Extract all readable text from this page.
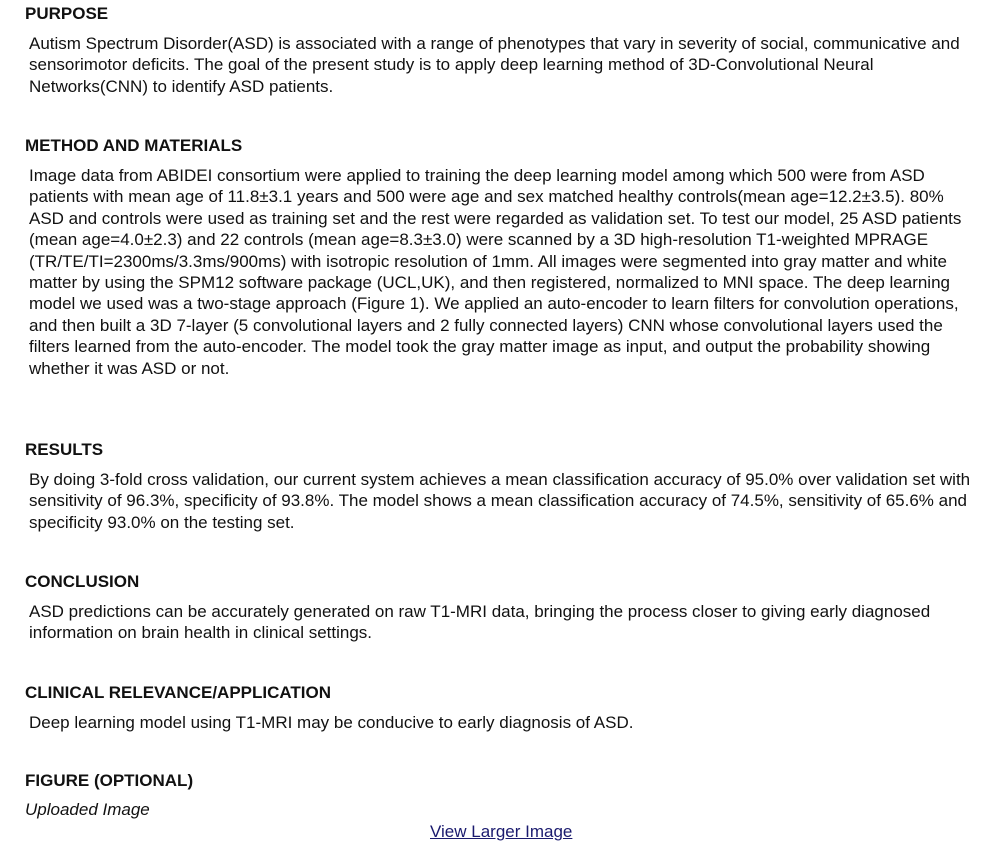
PURPOSE

Autism Spectrum Disorder(ASD) is associated with a range of phenotypes that vary in severity of social, communicative and sensorimotor deficits. The goal of the present study is to apply deep learning method of 3D-Convolutional Neural Networks(CNN) to identify ASD patients.

METHOD AND MATERIALS

Image data from ABIDEI consortium were applied to training the deep learning model among which 500 were from ASD patients with mean age of 11.8±3.1 years and 500 were age and sex matched healthy controls(mean age=12.2±3.5). 80% ASD and controls were used as training set and the rest were regarded as validation set. To test our model, 25 ASD patients (mean age=4.0±2.3) and 22 controls (mean age=8.3±3.0) were scanned by a 3D high-resolution T1-weighted MPRAGE (TR/TE/TI=2300ms/3.3ms/900ms) with isotropic resolution of 1mm. All images were segmented into gray matter and white matter by using the SPM12 software package (UCL,UK), and then registered, normalized to MNI space. The deep learning model we used was a two-stage approach (Figure 1). We applied an auto-encoder to learn filters for convolution operations, and then built a 3D 7-layer (5 convolutional layers and 2 fully connected layers) CNN whose convolutional layers used the filters learned from the auto-encoder. The model took the gray matter image as input, and output the probability showing whether it was ASD or not.

RESULTS

By doing 3-fold cross validation, our current system achieves a mean classification accuracy of 95.0% over validation set with sensitivity of 96.3%, specificity of 93.8%. The model shows a mean classification accuracy of 74.5%, sensitivity of 65.6% and specificity 93.0% on the testing set.

CONCLUSION

ASD predictions can be accurately generated on raw T1-MRI data, bringing the process closer to giving early diagnosed information on brain health in clinical settings.

CLINICAL RELEVANCE/APPLICATION

Deep learning model using T1-MRI may be conducive to early diagnosis of ASD.

FIGURE (OPTIONAL)

Uploaded Image

View Larger Image
